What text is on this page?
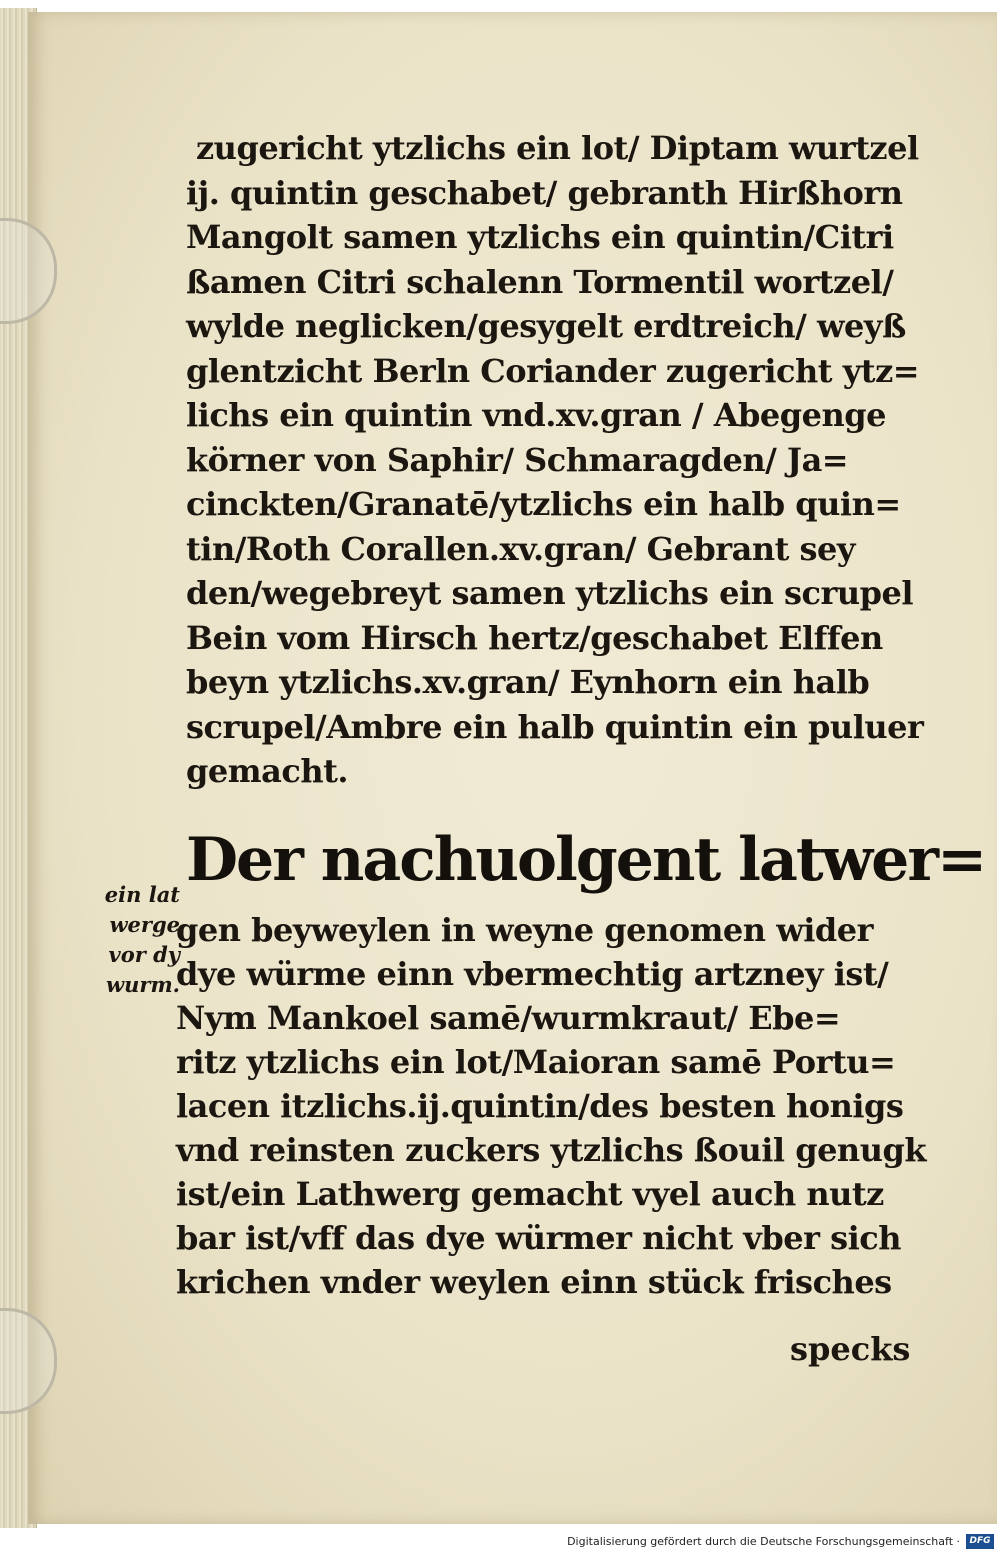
zugericht ytzlichs ein lot/ Diptam wurtzel
ij. quintin geschabet/ gebranth Hirßhorn
Mangolt samen ytzlichs ein quintin/Citri
ßamen Citri schalenn Tormentil wortzel/
wylde neglicken/gesygelt erdtreich/ weyß
glentzicht Berln Coriander zugericht ytz=
lichs ein quintin vnd.xv.gran / Abegenge
körner von Saphir/ Schmaragden/ Ja=
cinckten/Granatē/ytzlichs ein halb quin=
tin/Roth Corallen.xv.gran/ Gebrant sey
den/wegebreyt samen ytzlichs ein scrupel
Bein vom Hirsch hertz/geschabet Elffen
beyn ytzlichs.xv.gran/ Eynhorn ein halb
scrupel/Ambre ein halb quintin ein puluer
gemacht.
Der nachuolgent latwer=
ein lat
werge
vor dy
wurm.
gen beyweylen in weyne genomen wider
dye würme einn vbermechtig artzney ist/
Nym Mankoel samē/wurmkraut/ Ebe=
ritz ytzlichs ein lot/Maioran samē Portu=
lacen itzlichs.ij.quintin/des besten honigs
vnd reinsten zuckers ytzlichs ßouil genugk
ist/ein Lathwerg gemacht vyel auch nutz
bar ist/vff das dye würmer nicht vber sich
krichen vnder weylen einn stück frisches
specks
Digitalisierung gefördert durch die Deutsche Forschungsgemeinschaft ·	DFG
